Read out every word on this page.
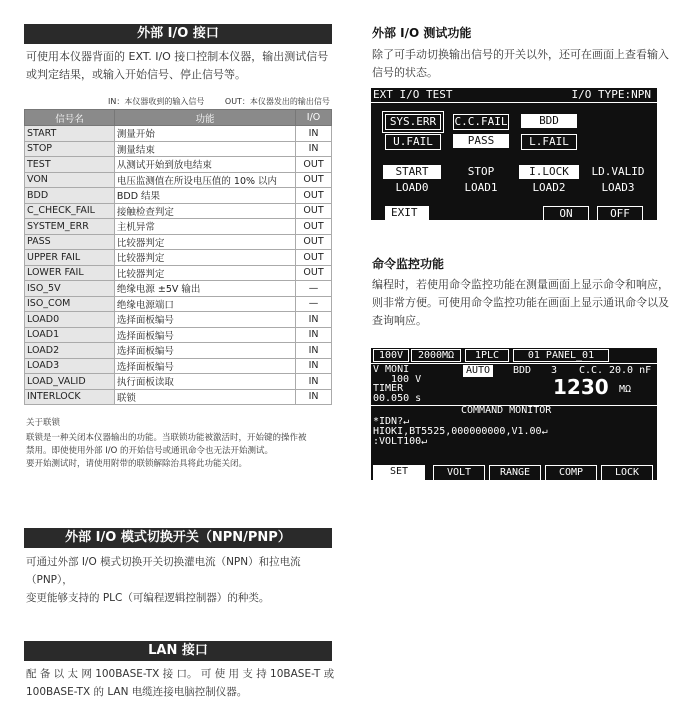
外部 I/O 接口
可使用本仪器背面的 EXT. I/O 接口控制本仪器，输出测试信号或判定结果，或输入开始信号、停止信号等。
IN：本仪器收到的输入信号	OUT：本仪器发出的输出信号
信号名	功能	I/O
START	测量开始	IN
STOP	测量结束	IN
TEST	从测试开始到放电结束	OUT
VON	电压监测值在所设电压值的 10% 以内	OUT
BDD	BDD 结果	OUT
C_CHECK_FAIL	接触检查判定	OUT
SYSTEM_ERR	主机异常	OUT
PASS	比较器判定	OUT
UPPER FAIL	比较器判定	OUT
LOWER FAIL	比较器判定	OUT
ISO_5V	绝缘电源 ±5V 输出	—
ISO_COM	绝缘电源端口	—
LOAD0	选择面板编号	IN
LOAD1	选择面板编号	IN
LOAD2	选择面板编号	IN
LOAD3	选择面板编号	IN
LOAD_VALID	执行面板读取	IN
INTERLOCK	联锁	IN
关于联锁
联锁是一种关闭本仪器输出的功能。当联锁功能被激活时，开始键的操作被
禁用。即使使用外部 I/O 的开始信号或通讯命令也无法开始测试。
要开始测试时，请使用附带的联锁解除治具将此功能关闭。
外部 I/O 模式切换开关（NPN/PNP）
可通过外部 I/O 模式切换开关切换灌电流（NPN）和拉电流（PNP），
变更能够支持的 PLC（可编程逻辑控制器）的种类。
LAN 接口
配 备 以 太 网 100BASE-TX 接 口。 可 使 用 支 持 10BASE-T 或
100BASE-TX 的 LAN 电缆连接电脑控制仪器。
外部 I/O 测试功能
除了可手动切换输出信号的开关以外，还可在画面上查看输入
信号的状态。
EXT I/O TEST	I/O TYPE:NPN
SYS.ERR	C.C.FAIL	BDD
U.FAIL	PASS	L.FAIL
START	STOP	I.LOCK	LD.VALID
LOAD0	LOAD1	LOAD2	LOAD3
EXIT	ON	OFF
命令监控功能
编程时，若使用命令监控功能在测量画面上显示命令和响应，
则非常方便。可使用命令监控功能在画面上显示通讯命令以及
查询响应。
100V	2000MΩ	1PLC	01 PANEL_01
V MONI
100 V
TIMER
00.050 s
AUTO	BDD 3 C.C. 20.0 nF
1230 MΩ
COMMAND MONITOR
*IDN?↵
HIOKI,BT5525,000000000,V1.00↵
:VOLT100↵
SET	VOLT	RANGE	COMP	LOCK
